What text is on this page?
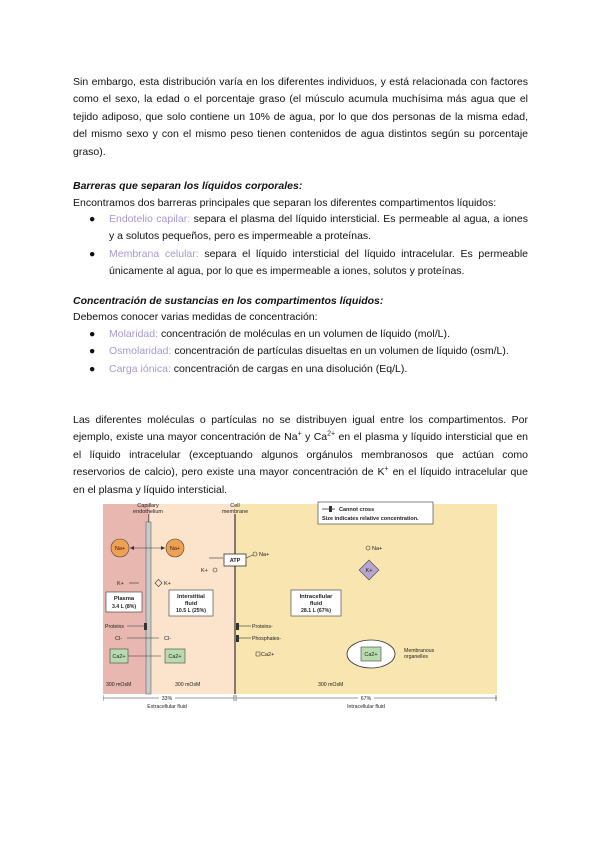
Sin embargo, esta distribución varía en los diferentes individuos, y está relacionada con factores como el sexo, la edad o el porcentaje graso (el músculo acumula muchísima más agua que el tejido adiposo, que solo contiene un 10% de agua, por lo que dos personas de la misma edad, del mismo sexo y con el mismo peso tienen contenidos de agua distintos según su porcentaje graso).

Barreras que separan los líquidos corporales:
Encontramos dos barreras principales que separan los diferentes compartimentos líquidos:
● Endotelio capilar: separa el plasma del líquido intersticial. Es permeable al agua, a iones y a solutos pequeños, pero es impermeable a proteínas.
● Membrana celular: separa el líquido intersticial del líquido intracelular. Es permeable únicamente al agua, por lo que es impermeable a iones, solutos y proteínas.
Concentración de sustancias en los compartimentos líquidos:
Debemos conocer varias medidas de concentración:
● Molaridad: concentración de moléculas en un volumen de líquido (mol/L).
● Osmolaridad: concentración de partículas disueltas en un volumen de líquido (osm/L).
● Carga iónica: concentración de cargas en una disolución (Eq/L).

Las diferentes moléculas o partículas no se distribuyen igual entre los compartimentos. Por ejemplo, existe una mayor concentración de Na+ y $Ca^{2+}$ en el plasma y líquido intersticial que en el líquido intracelular (exceptuando algunos orgánulos membranosos que actúan como reservorios de calcio), pero existe una mayor concentración de K+ en el líquido intracelular que en el plasma y líquido intersticial.

Capillary
endothelium
Cell
membrane	Cannot cross
Size indicates relative concentration.
Na+	Na+
ATP
Na+
K+
Na+
K+
K+	K+
Plasma
3.4 L (8%)
Interstitial
fluid
10.5 L (25%)
Intracellular
fluid
28.1 L (67%)
Proteins	Proteins-
Cl-	Cl-	Phosphates-
Ca2+	Ca2+	Ca2+	Ca2+
Membranous
organelles
300 mOsM	300 mOsM	300 mOsM
33%
Extracellular fluid
67%
Intracellular fluid
